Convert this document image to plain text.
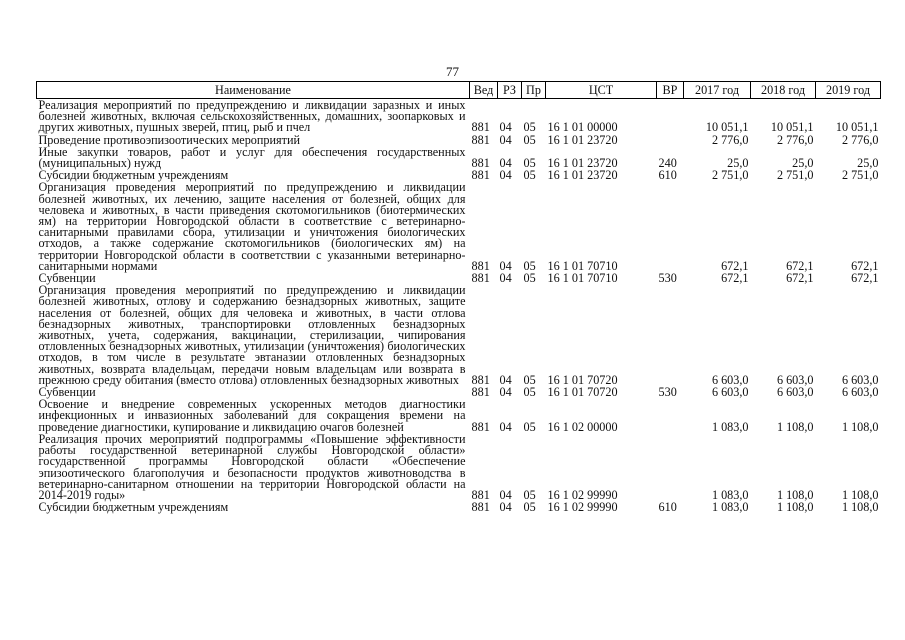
77
Наименование	Вед	РЗ	Пр	ЦСТ	ВР	2017 год	2018 год	2019 год
Реализация мероприятий по предупреждению и ликвидации заразных и иных болезней животных, включая сельскохозяйственных, домашних, зоопарковых и других животных, пушных зверей, птиц, рыб и пчел	881	04	05	16 1 01 00000		10 051,1	10 051,1	10 051,1
Проведение противоэпизоотических мероприятий	881	04	05	16 1 01 23720		2 776,0	2 776,0	2 776,0
Иные закупки товаров, работ и услуг для обеспечения государственных (муниципальных) нужд	881	04	05	16 1 01 23720	240	25,0	25,0	25,0
Субсидии бюджетным учреждениям	881	04	05	16 1 01 23720	610	2 751,0	2 751,0	2 751,0
Организация проведения мероприятий по предупреждению и ликвидации болезней животных, их лечению, защите населения от болезней, общих для человека и животных, в части приведения скотомогильников (биотермических ям) на территории Новгородской области в соответствие с ветеринарно-санитарными правилами сбора, утилизации и уничтожения биологических отходов, а также содержание скотомогильников (биологических ям) на территории Новгородской области в соответствии с указанными ветеринарно-санитарными нормами	881	04	05	16 1 01 70710		672,1	672,1	672,1
Субвенции	881	04	05	16 1 01 70710	530	672,1	672,1	672,1
Организация проведения мероприятий по предупреждению и ликвидации болезней животных, отлову и содержанию безнадзорных животных, защите населения от болезней, общих для человека и животных, в части отлова безнадзорных животных, транспортировки отловленных безнадзорных животных, учета, содержания, вакцинации, стерилизации, чипирования отловленных безнадзорных животных, утилизации (уничтожения) биологических отходов, в том числе в результате эвтаназии отловленных безнадзорных животных, возврата владельцам, передачи новым владельцам или возврата в прежнюю среду обитания (вместо отлова) отловленных безнадзорных животных	881	04	05	16 1 01 70720		6 603,0	6 603,0	6 603,0
Субвенции	881	04	05	16 1 01 70720	530	6 603,0	6 603,0	6 603,0
Освоение и внедрение современных ускоренных методов диагностики инфекционных и инвазионных заболеваний для сокращения времени на проведение диагностики, купирование и ликвидацию очагов болезней	881	04	05	16 1 02 00000		1 083,0	1 108,0	1 108,0
Реализация прочих мероприятий подпрограммы «Повышение эффективности работы государственной ветеринарной службы Новгородской области» государственной программы Новгородской области «Обеспечение эпизоотического благополучия и безопасности продуктов животноводства в ветеринарно-санитарном отношении на территории Новгородской области на 2014-2019 годы»	881	04	05	16 1 02 99990		1 083,0	1 108,0	1 108,0
Субсидии бюджетным учреждениям	881	04	05	16 1 02 99990	610	1 083,0	1 108,0	1 108,0
